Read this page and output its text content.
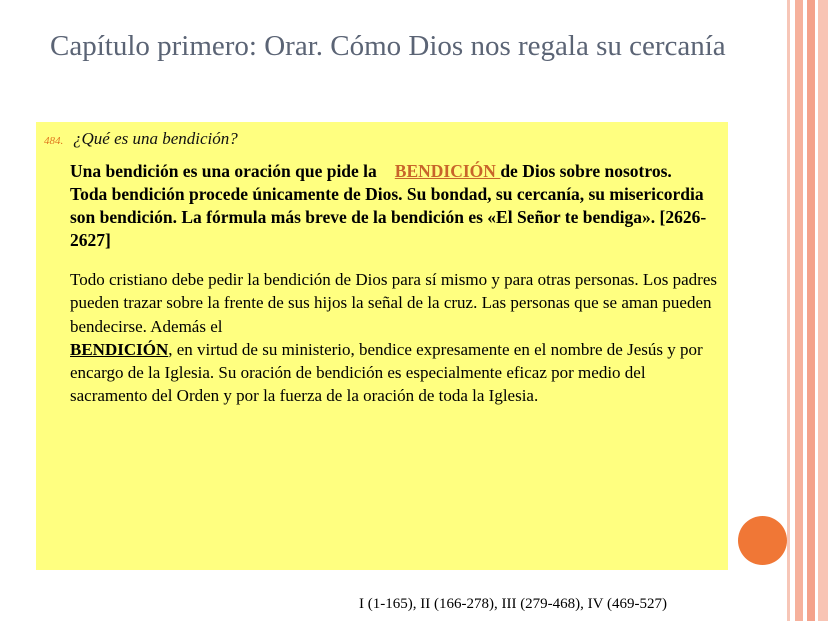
Capítulo primero: Orar. Cómo Dios nos regala su cercanía
484. ¿Qué es una bendición?
Una bendición es una oración que pide la BENDICIÓN de Dios sobre nosotros. Toda bendición procede únicamente de Dios. Su bondad, su cercanía, su misericordia son bendición. La fórmula más breve de la bendición es «El Señor te bendiga». [2626-2627]
Todo cristiano debe pedir la bendición de Dios para sí mismo y para otras personas. Los padres pueden trazar sobre la frente de sus hijos la señal de la cruz. Las personas que se aman pueden bendecirse. Además el
BENDICIÓN, en virtud de su ministerio, bendice expresamente en el nombre de Jesús y por encargo de la Iglesia. Su oración de bendición es especialmente eficaz por medio del sacramento del Orden y por la fuerza de la oración de toda la Iglesia.
I (1-165), II (166-278), III (279-468), IV (469-527)
